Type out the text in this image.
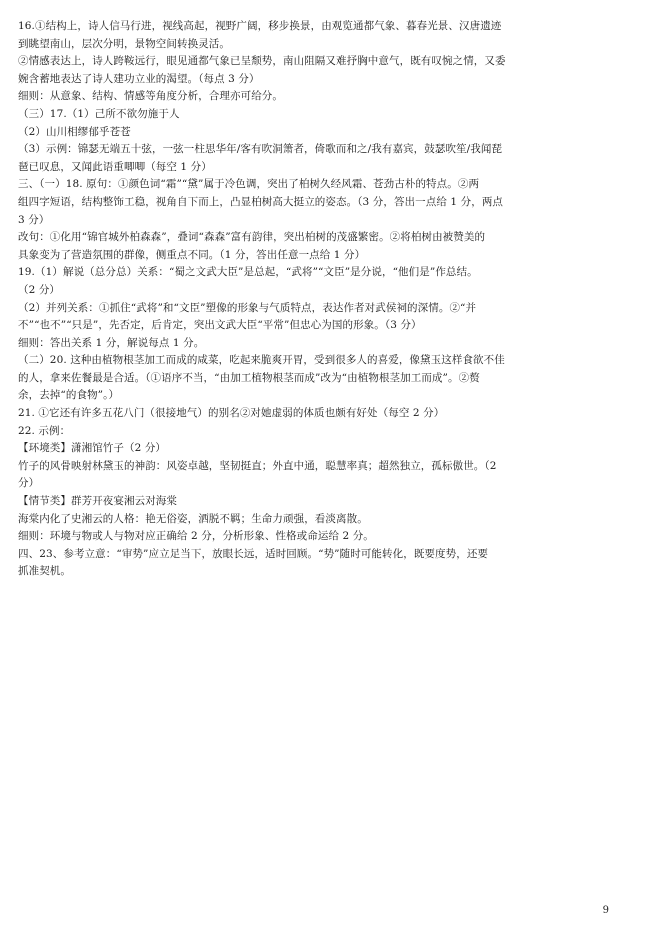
16.①结构上，诗人信马行进，视线高起，视野广阔，移步换景，由观览通都气象、暮春光景、汉唐遗迹
到眺望南山，层次分明，景物空间转换灵活。
②情感表达上，诗人跨鞍远行，眼见通都气象已呈颓势，南山阻隔又难抒胸中意气，既有叹惋之情，又委
婉含蓄地表达了诗人建功立业的渴望。（每点 3 分）
细则：从意象、结构、情感等角度分析，合理亦可给分。
（三）17.（1）己所不欲勿施于人
（2）山川相缪郁乎苍苍
（3）示例：锦瑟无端五十弦，一弦一柱思华年/客有吹洞箫者，倚歌而和之/我有嘉宾，鼓瑟吹笙/我闻琵
琶已叹息，又闻此语重唧唧（每空 1 分）
三、（一）18. 原句：①颜色词“霜”“黛”属于冷色调，突出了柏树久经风霜、苍劲古朴的特点。②两
组四字短语，结构整饰工稳，视角自下而上，凸显柏树高大挺立的姿态。（3 分，答出一点给 1 分，两点
3 分）
改句：①化用“锦官城外柏森森”，叠词“森森”富有韵律，突出柏树的茂盛繁密。②将柏树由被赞美的
具象变为了营造氛围的群像，侧重点不同。（1 分，答出任意一点给 1 分）
19.（1）解说（总分总）关系：“蜀之文武大臣”是总起，“武将”“文臣”是分说，“他们是”作总结。
（2 分）
（2）并列关系：①抓住“武将”和“文臣”塑像的形象与气质特点，表达作者对武侯祠的深情。②“并
不”“也不”“只是”，先否定，后肯定，突出文武大臣“平常”但忠心为国的形象。（3 分）
细则：答出关系 1 分，解说每点 1 分。
（二）20. 这种由植物根茎加工而成的咸菜，吃起来脆爽开胃，受到很多人的喜爱，像黛玉这样食欲不佳
的人，拿来佐餐最是合适。（①语序不当，“由加工植物根茎而成”改为“由植物根茎加工而成”。②赘
余，去掉“的食物”。）
21. ①它还有许多五花八门（很接地气）的别名②对她虚弱的体质也颇有好处（每空 2 分）
22. 示例：
【环境类】潇湘馆竹子（2 分）
竹子的风骨映射林黛玉的神韵：风姿卓越，坚韧挺直；外直中通，聪慧率真；超然独立，孤标傲世。（2
分）
【情节类】群芳开夜宴湘云对海棠
海棠内化了史湘云的人格：艳无俗姿，洒脱不羁；生命力顽强，看淡离散。
细则：环境与物或人与物对应正确给 2 分，分析形象、性格或命运给 2 分。
四、23、参考立意：“审势”应立足当下，放眼长远，适时回顾。“势”随时可能转化，既要度势，还要
抓准契机。
9
